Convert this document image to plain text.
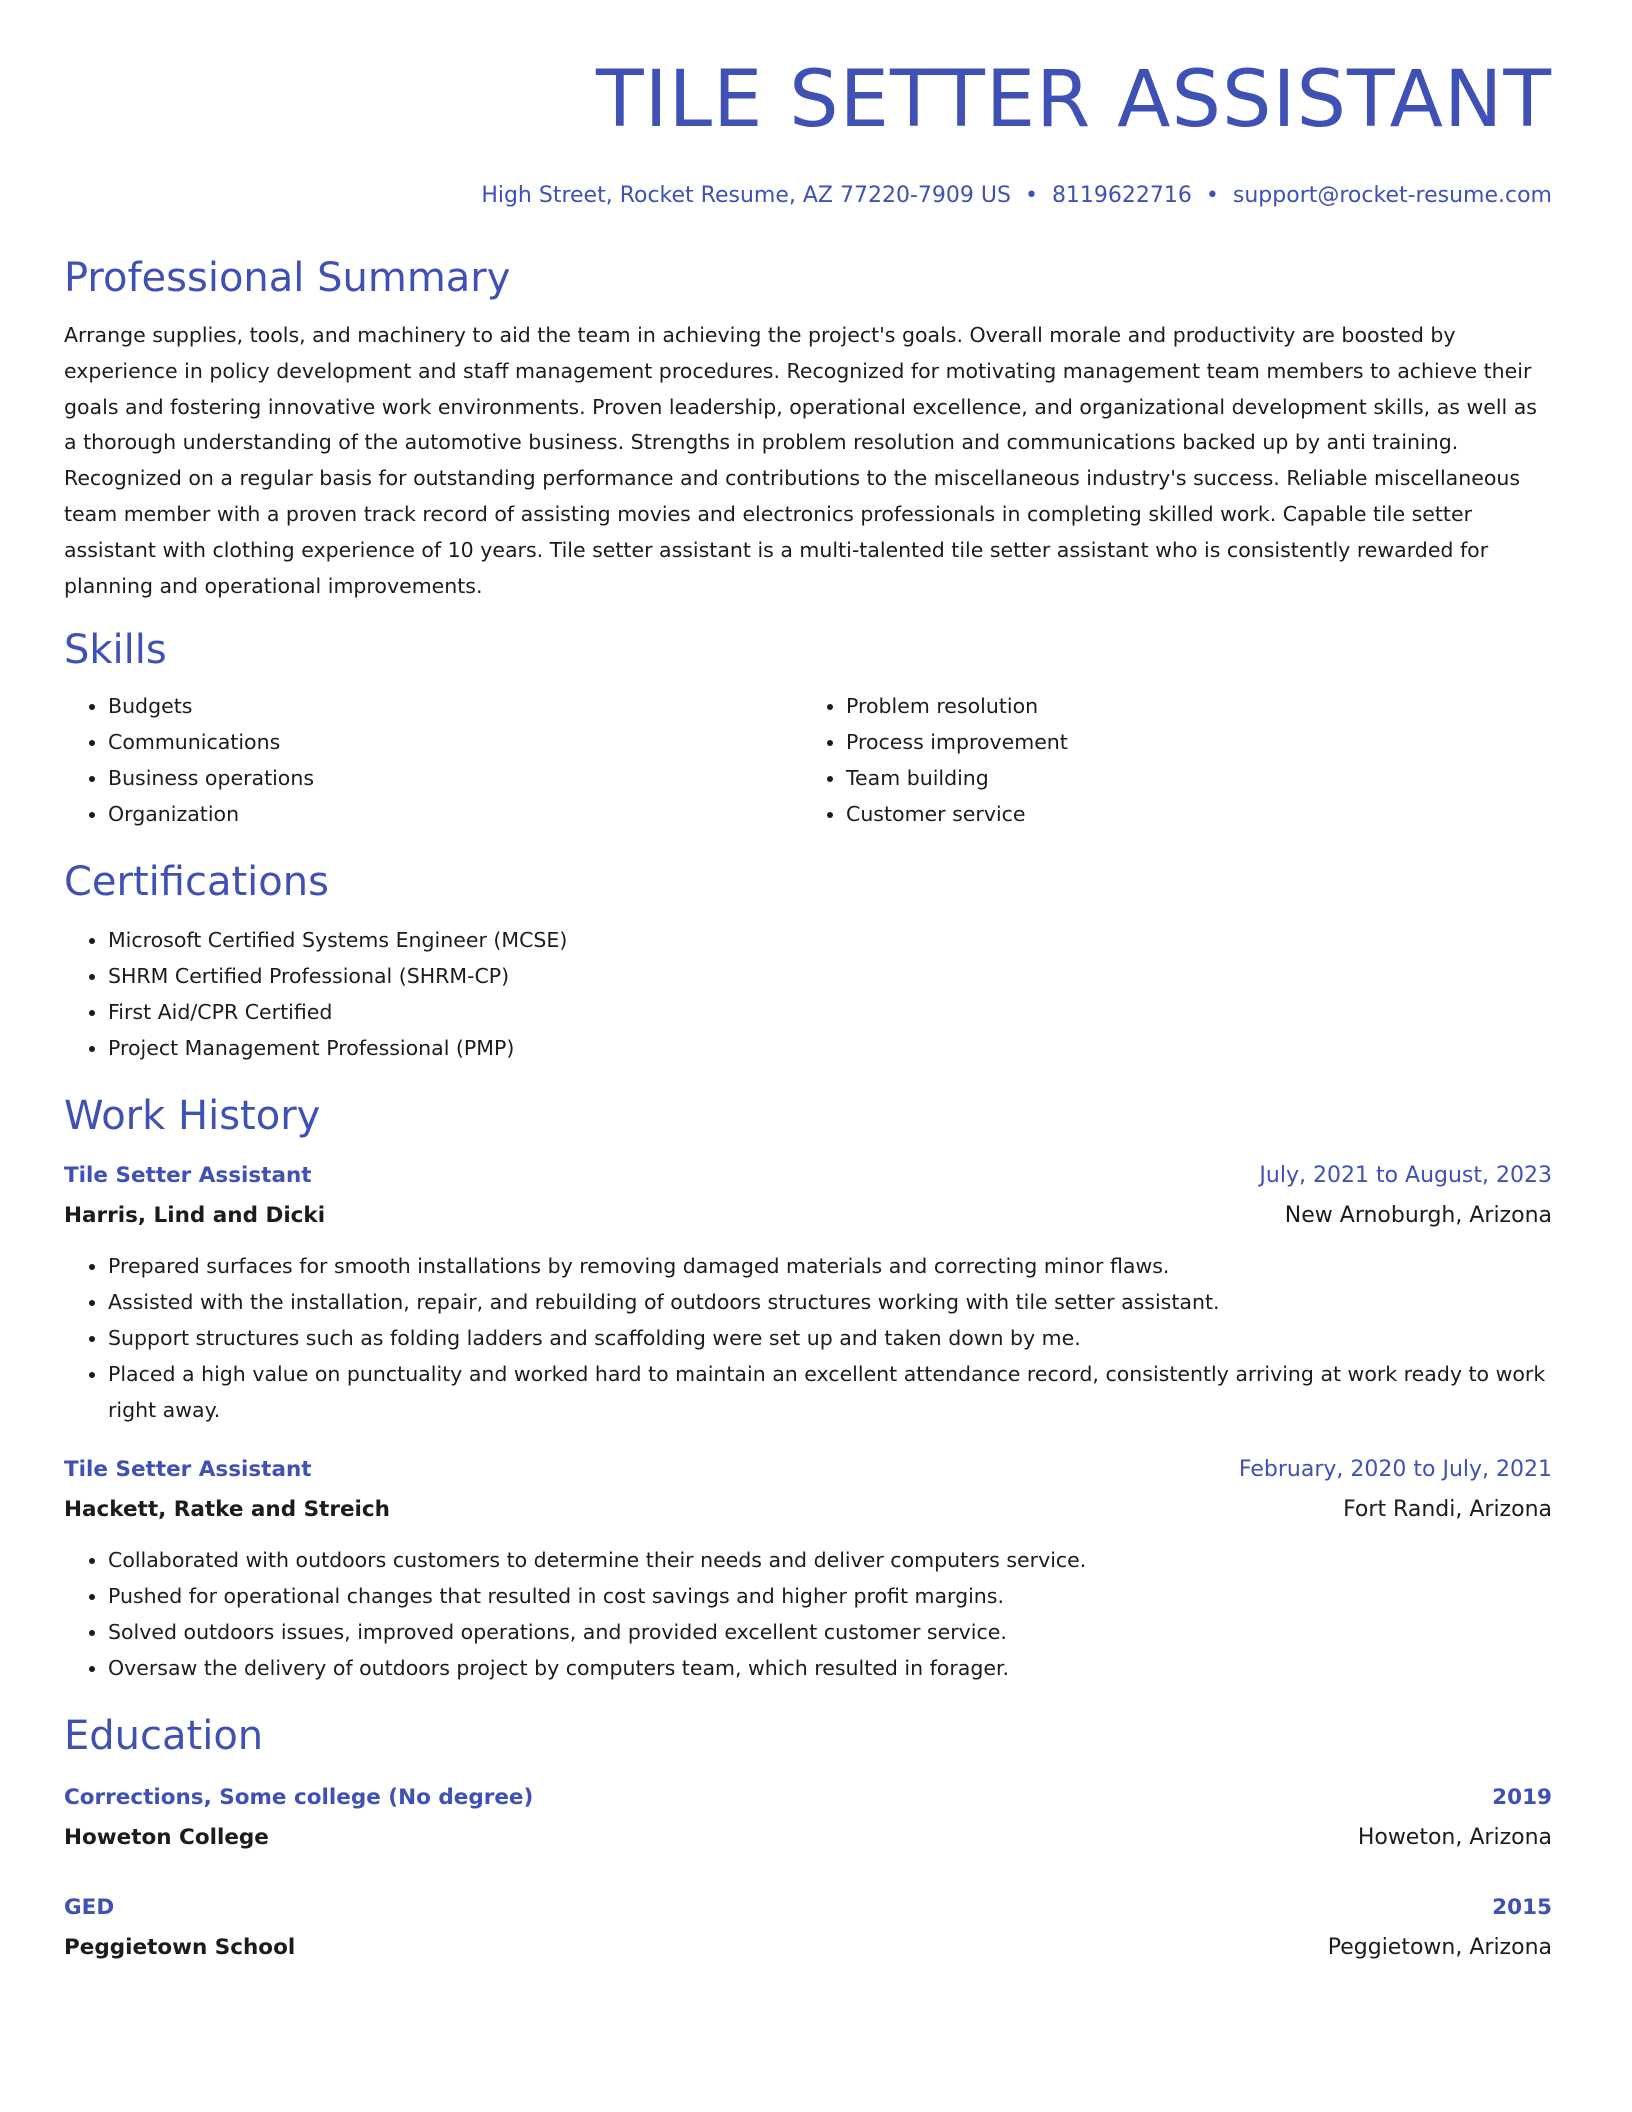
TILE SETTER ASSISTANT
High Street, Rocket Resume, AZ 77220-7909 US • 8119622716 • support@rocket-resume.com
Professional Summary

Arrange supplies, tools, and machinery to aid the team in achieving the project's goals. Overall morale and productivity are boosted by experience in policy development and staff management procedures. Recognized for motivating management team members to achieve their goals and fostering innovative work environments. Proven leadership, operational excellence, and organizational development skills, as well as a thorough understanding of the automotive business. Strengths in problem resolution and communications backed up by anti training. Recognized on a regular basis for outstanding performance and contributions to the miscellaneous industry's success. Reliable miscellaneous team member with a proven track record of assisting movies and electronics professionals in completing skilled work. Capable tile setter assistant with clothing experience of 10 years. Tile setter assistant is a multi-talented tile setter assistant who is consistently rewarded for planning and operational improvements.

Skills
• Budgets
• Communications
• Business operations
• Organization
• Problem resolution
• Process improvement
• Team building
• Customer service
Certifications
• Microsoft Certified Systems Engineer (MCSE)
• SHRM Certified Professional (SHRM-CP)
• First Aid/CPR Certified
• Project Management Professional (PMP)
Work History
Tile Setter Assistant	July, 2021 to August, 2023
Harris, Lind and Dicki	New Arnoburgh, Arizona
• Prepared surfaces for smooth installations by removing damaged materials and correcting minor flaws.
• Assisted with the installation, repair, and rebuilding of outdoors structures working with tile setter assistant.
• Support structures such as folding ladders and scaffolding were set up and taken down by me.
• Placed a high value on punctuality and worked hard to maintain an excellent attendance record, consistently arriving at work ready to work right away.
Tile Setter Assistant	February, 2020 to July, 2021
Hackett, Ratke and Streich	Fort Randi, Arizona
• Collaborated with outdoors customers to determine their needs and deliver computers service.
• Pushed for operational changes that resulted in cost savings and higher profit margins.
• Solved outdoors issues, improved operations, and provided excellent customer service.
• Oversaw the delivery of outdoors project by computers team, which resulted in forager.
Education
Corrections, Some college (No degree)	2019
Howeton College	Howeton, Arizona
GED	2015
Peggietown School	Peggietown, Arizona
